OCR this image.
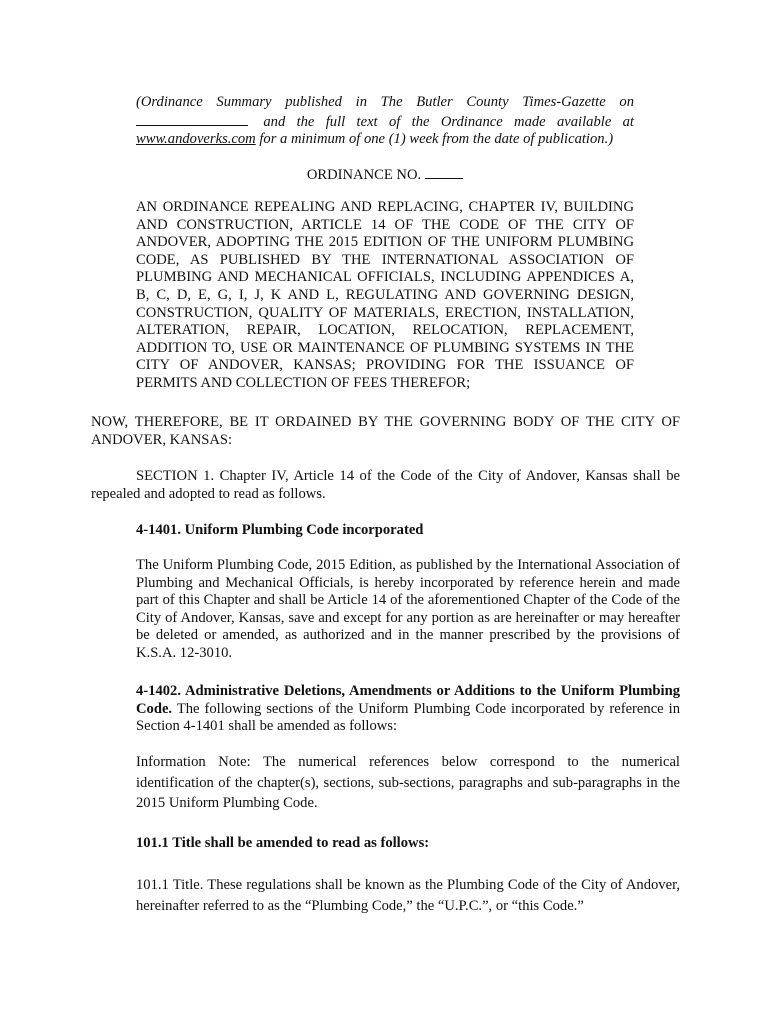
(Ordinance Summary published in The Butler County Times-Gazette on
and the full text of the Ordinance made available at
www.andoverks.com for a minimum of one (1) week from the date of publication.)
ORDINANCE NO.
AN ORDINANCE REPEALING AND REPLACING, CHAPTER IV, BUILDING AND CONSTRUCTION, ARTICLE 14 OF THE CODE OF THE CITY OF ANDOVER, ADOPTING THE 2015 EDITION OF THE UNIFORM PLUMBING CODE, AS PUBLISHED BY THE INTERNATIONAL ASSOCIATION OF PLUMBING AND MECHANICAL OFFICIALS, INCLUDING APPENDICES A, B, C, D, E, G, I, J, K AND L, REGULATING AND GOVERNING DESIGN, CONSTRUCTION, QUALITY OF MATERIALS, ERECTION, INSTALLATION, ALTERATION, REPAIR, LOCATION, RELOCATION, REPLACEMENT, ADDITION TO, USE OR MAINTENANCE OF PLUMBING SYSTEMS IN THE CITY OF ANDOVER, KANSAS; PROVIDING FOR THE ISSUANCE OF PERMITS AND COLLECTION OF FEES THEREFOR;
NOW, THEREFORE, BE IT ORDAINED BY THE GOVERNING BODY OF THE CITY OF ANDOVER, KANSAS:
SECTION 1. Chapter IV, Article 14 of the Code of the City of Andover, Kansas shall be repealed and adopted to read as follows.
4-1401. Uniform Plumbing Code incorporated
The Uniform Plumbing Code, 2015 Edition, as published by the International Association of Plumbing and Mechanical Officials, is hereby incorporated by reference herein and made part of this Chapter and shall be Article 14 of the aforementioned Chapter of the Code of the City of Andover, Kansas, save and except for any portion as are hereinafter or may hereafter be deleted or amended, as authorized and in the manner prescribed by the provisions of K.S.A. 12-3010.
4-1402. Administrative Deletions, Amendments or Additions to the Uniform Plumbing Code. The following sections of the Uniform Plumbing Code incorporated by reference in Section 4-1401 shall be amended as follows:
Information Note: The numerical references below correspond to the numerical identification of the chapter(s), sections, sub-sections, paragraphs and sub-paragraphs in the 2015 Uniform Plumbing Code.
101.1 Title shall be amended to read as follows:
101.1 Title. These regulations shall be known as the Plumbing Code of the City of Andover, hereinafter referred to as the “Plumbing Code,” the “U.P.C.”, or “this Code.”
